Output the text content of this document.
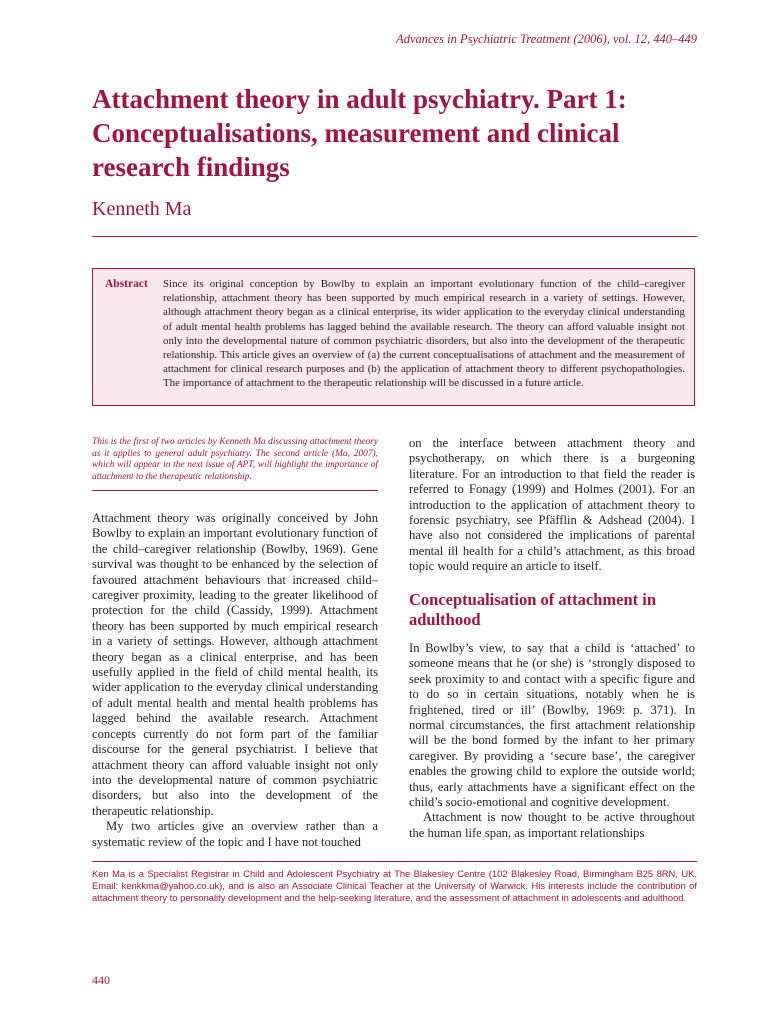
Advances in Psychiatric Treatment (2006), vol. 12, 440–449
Attachment theory in adult psychiatry. Part 1: Conceptualisations, measurement and clinical research findings
Kenneth Ma
Abstract Since its original conception by Bowlby to explain an important evolutionary function of the child–caregiver relationship, attachment theory has been supported by much empirical research in a variety of settings. However, although attachment theory began as a clinical enterprise, its wider application to the everyday clinical understanding of adult mental health problems has lagged behind the available research. The theory can afford valuable insight not only into the developmental nature of common psychiatric disorders, but also into the development of the therapeutic relationship. This article gives an overview of (a) the current conceptualisations of attachment and the measurement of attachment for clinical research purposes and (b) the application of attachment theory to different psychopathologies. The importance of attachment to the therapeutic relationship will be discussed in a future article.
This is the first of two articles by Kenneth Ma discussing attachment theory as it applies to general adult psychiatry. The second article (Ma, 2007), which will appear in the next issue of APT, will highlight the importance of attachment to the therapeutic relationship.

Attachment theory was originally conceived by John Bowlby to explain an important evolutionary function of the child–caregiver relationship (Bowlby, 1969). Gene survival was thought to be enhanced by the selection of favoured attachment behaviours that increased child–caregiver proximity, leading to the greater likelihood of protection for the child (Cassidy, 1999). Attachment theory has been supported by much empirical research in a variety of settings. However, although attachment theory began as a clinical enterprise, and has been usefully applied in the field of child mental health, its wider application to the everyday clinical understanding of adult mental health and mental health problems has lagged behind the available research. Attachment concepts currently do not form part of the familiar discourse for the general psychiatrist. I believe that attachment theory can afford valuable insight not only into the developmental nature of common psychiatric disorders, but also into the development of the therapeutic relationship.

My two articles give an overview rather than a systematic review of the topic and I have not touched

on the interface between attachment theory and psychotherapy, on which there is a burgeoning literature. For an introduction to that field the reader is referred to Fonagy (1999) and Holmes (2001). For an introduction to the application of attachment theory to forensic psychiatry, see Pfäfflin & Adshead (2004). I have also not considered the implications of parental mental ill health for a child’s attachment, as this broad topic would require an article to itself.

Conceptualisation of attachment in adulthood

In Bowlby’s view, to say that a child is ‘attached’ to someone means that he (or she) is ‘strongly disposed to seek proximity to and contact with a specific figure and to do so in certain situations, notably when he is frightened, tired or ill’ (Bowlby, 1969: p. 371). In normal circumstances, the first attachment relationship will be the bond formed by the infant to her primary caregiver. By providing a ‘secure base’, the caregiver enables the growing child to explore the outside world; thus, early attachments have a significant effect on the child’s socio-emotional and cognitive development.

Attachment is now thought to be active throughout the human life span, as important relationships

Ken Ma is a Specialist Registrar in Child and Adolescent Psychiatry at The Blakesley Centre (102 Blakesley Road, Birmingham B25 8RN, UK. Email: kenkkma@yahoo.co.uk), and is also an Associate Clinical Teacher at the University of Warwick. His interests include the contribution of attachment theory to personality development and the help-seeking literature, and the assessment of attachment in adolescents and adulthood.
440
